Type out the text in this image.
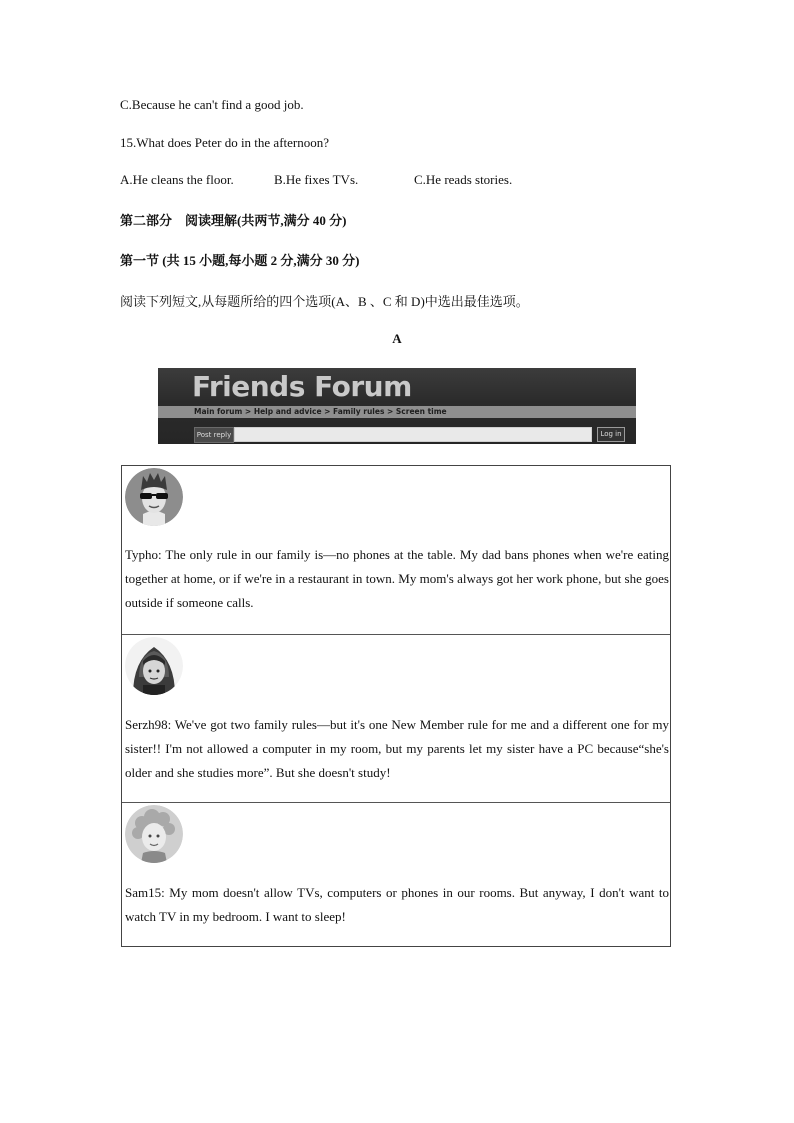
C.Because he can't find a good job.
15.What does Peter do in the afternoon?
A.He cleans the floor.	B.He fixes TVs.	C.He reads stories.
第二部分　阅读理解(共两节,满分 40 分)
第一节 (共 15 小题,每小题 2 分,满分 30 分)
阅读下列短文,从每题所给的四个选项(A、B 、C 和 D)中选出最佳选项。
A
Friends Forum
Main forum > Help and advice > Family rules > Screen time
Post reply	Log in
Typho: The only rule in our family is—no phones at the table. My dad bans phones when we're eating together at home, or if we're in a restaurant in town. My mom's always got her work phone, but she goes outside if someone calls.
Serzh98: We've got two family rules—but it's one New Member rule for me and a different one for my sister!! I'm not allowed a computer in my room, but my parents let my sister have a PC because“she's older and she studies more”. But she doesn't study!
Sam15: My mom doesn't allow TVs, computers or phones in our rooms. But anyway, I don't want to watch TV in my bedroom. I want to sleep!
